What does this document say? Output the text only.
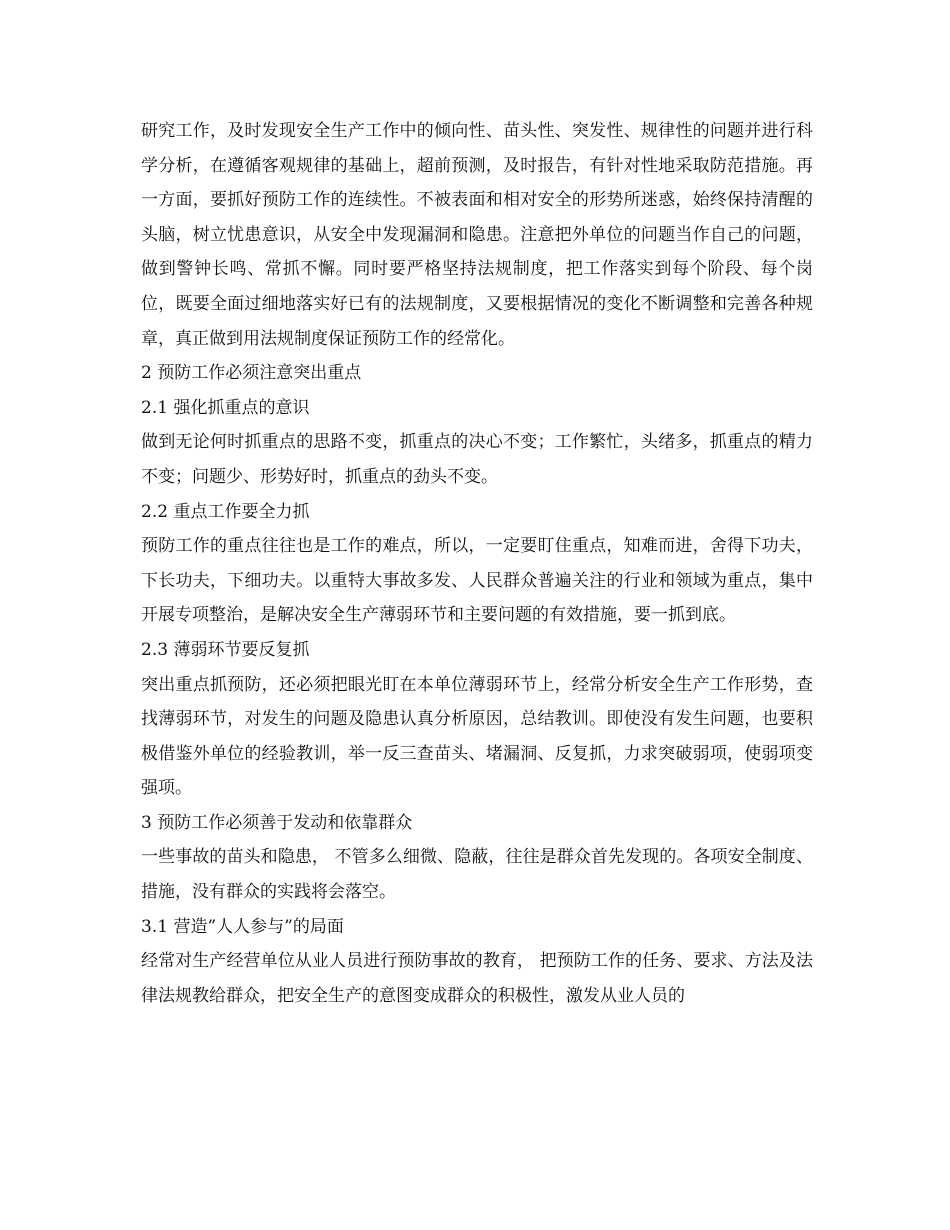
研究工作，及时发现安全生产工作中的倾向性、苗头性、突发性、规律性的问题并进行科学分析，在遵循客观规律的基础上，超前预测，及时报告，有针对性地采取防范措施。再一方面，要抓好预防工作的连续性。不被表面和相对安全的形势所迷惑，始终保持清醒的头脑，树立忧患意识，从安全中发现漏洞和隐患。注意把外单位的问题当作自己的问题，做到警钟长鸣、常抓不懈。同时要严格坚持法规制度，把工作落实到每个阶段、每个岗位，既要全面过细地落实好已有的法规制度，又要根据情况的变化不断调整和完善各种规章，真正做到用法规制度保证预防工作的经常化。

2 预防工作必须注意突出重点

2.1 强化抓重点的意识

做到无论何时抓重点的思路不变，抓重点的决心不变；工作繁忙，头绪多，抓重点的精力不变；问题少、形势好时，抓重点的劲头不变。

2.2 重点工作要全力抓

预防工作的重点往往也是工作的难点，所以，一定要盯住重点，知难而进，舍得下功夫，下长功夫，下细功夫。以重特大事故多发、人民群众普遍关注的行业和领域为重点，集中开展专项整治，是解决安全生产薄弱环节和主要问题的有效措施，要一抓到底。

2.3 薄弱环节要反复抓

突出重点抓预防，还必须把眼光盯在本单位薄弱环节上，经常分析安全生产工作形势，查找薄弱环节，对发生的问题及隐患认真分析原因，总结教训。即使没有发生问题，也要积极借鉴外单位的经验教训，举一反三查苗头、堵漏洞、反复抓，力求突破弱项，使弱项变强项。

3 预防工作必须善于发动和依靠群众

一些事故的苗头和隐患， 不管多么细微、隐蔽，往往是群众首先发现的。各项安全制度、措施，没有群众的实践将会落空。

3.1 营造”人人参与”的局面

经常对生产经营单位从业人员进行预防事故的教育， 把预防工作的任务、要求、方法及法律法规教给群众，把安全生产的意图变成群众的积极性，激发从业人员的
